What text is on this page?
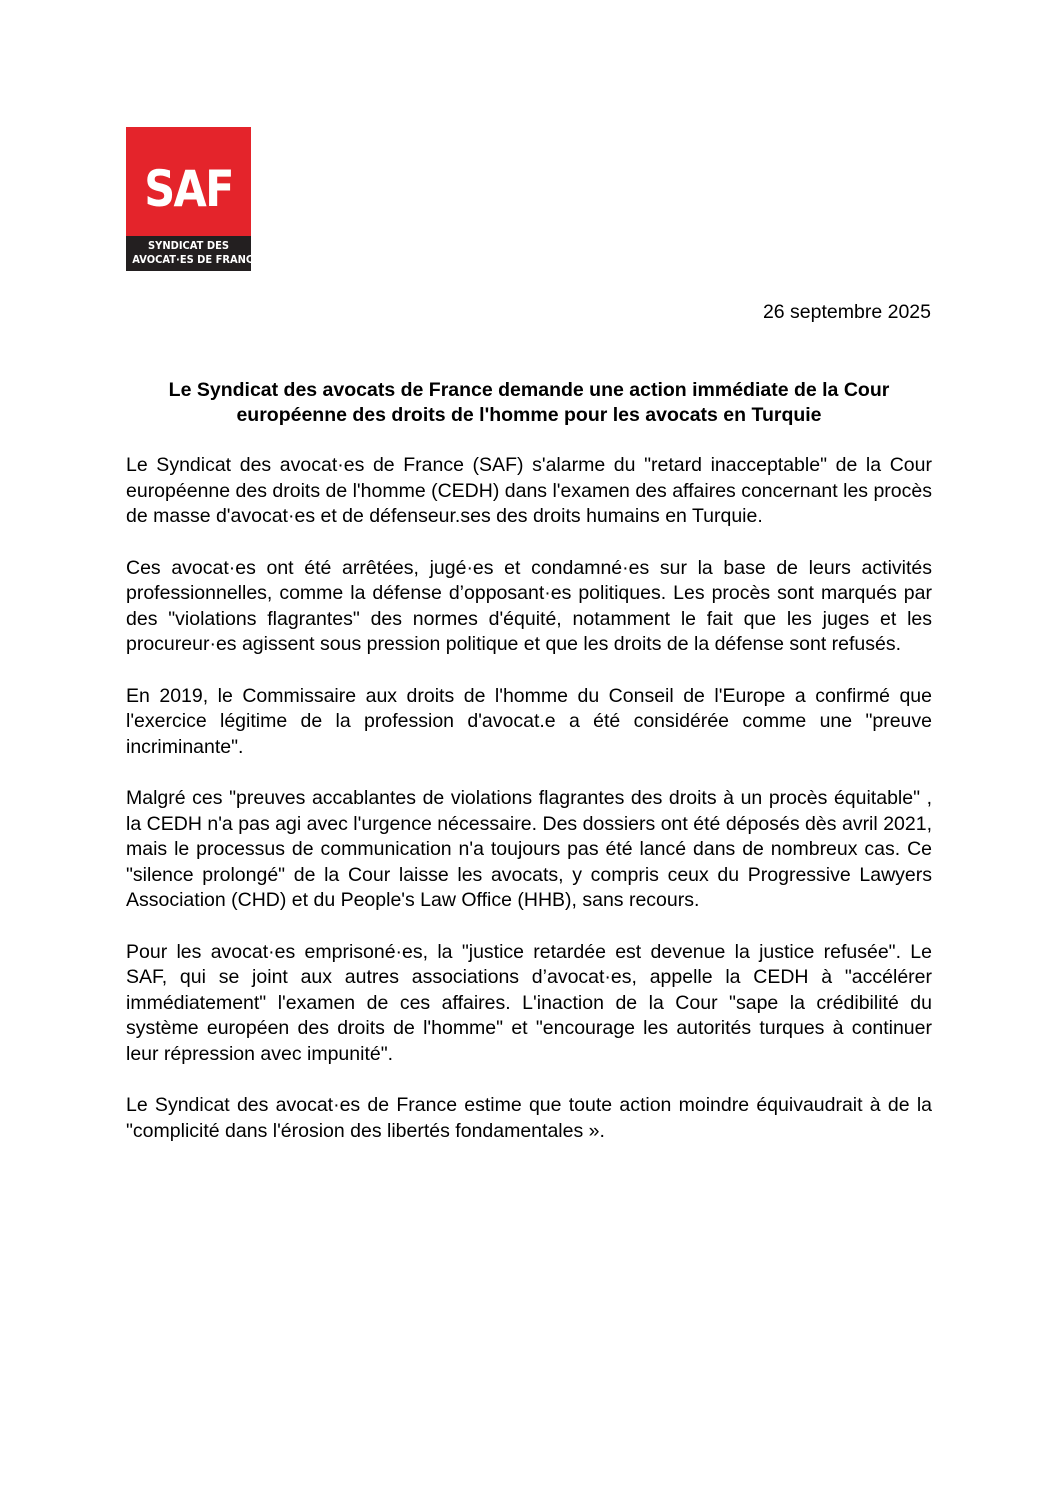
SAF
SYNDICAT DES
AVOCAT·ES DE FRANCE
26 septembre 2025
Le Syndicat des avocats de France demande une action immédiate de la Cour européenne des droits de l'homme pour les avocats en Turquie

Le Syndicat des avocat·es de France (SAF) s'alarme du "retard inacceptable" de la Cour européenne des droits de l'homme (CEDH) dans l'examen des affaires concernant les procès de masse d'avocat·es et de défenseur.ses des droits humains en Turquie.

Ces avocat·es ont été arrêtées, jugé·es et condamné·es sur la base de leurs activités professionnelles, comme la défense d’opposant·es politiques. Les procès sont marqués par des "violations flagrantes" des normes d'équité, notamment le fait que les juges et les procureur·es agissent sous pression politique et que les droits de la défense sont refusés.

En 2019, le Commissaire aux droits de l'homme du Conseil de l'Europe a confirmé que l'exercice légitime de la profession d'avocat.e a été considérée comme une "preuve incriminante".

Malgré ces "preuves accablantes de violations flagrantes des droits à un procès équitable" , la CEDH n'a pas agi avec l'urgence nécessaire. Des dossiers ont été déposés dès avril 2021, mais le processus de communication n'a toujours pas été lancé dans de nombreux cas. Ce "silence prolongé" de la Cour laisse les avocats, y compris ceux du Progressive Lawyers Association (CHD) et du People's Law Office (HHB), sans recours.

Pour les avocat·es emprisoné·es, la "justice retardée est devenue la justice refusée". Le SAF, qui se joint aux autres associations d’avocat·es, appelle la CEDH à "accélérer immédiatement" l'examen de ces affaires. L'inaction de la Cour "sape la crédibilité du système européen des droits de l'homme" et "encourage les autorités turques à continuer leur répression avec impunité".

Le Syndicat des avocat·es de France estime que toute action moindre équivaudrait à de la "complicité dans l'érosion des libertés fondamentales ».
